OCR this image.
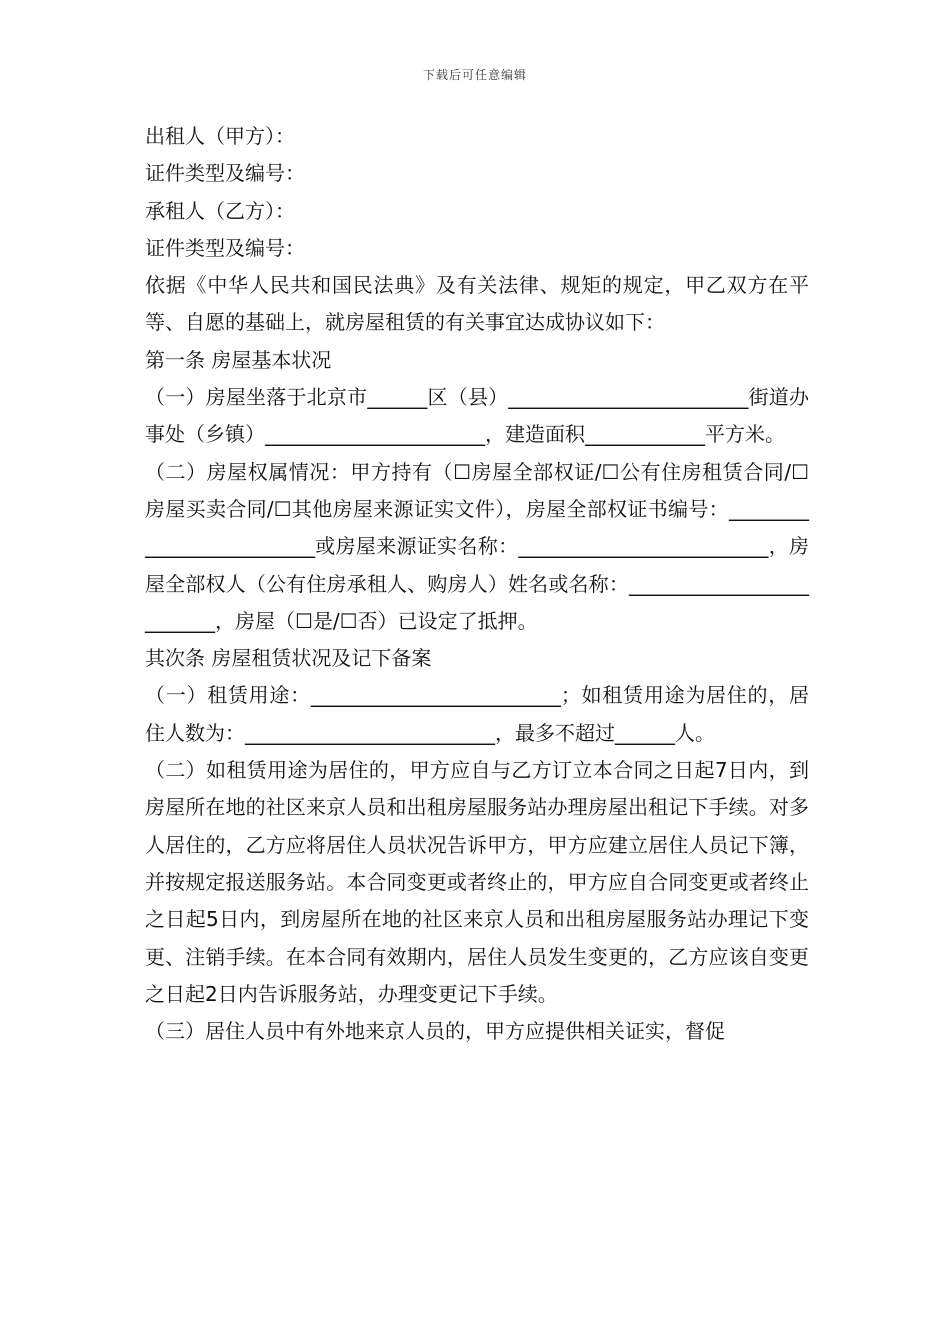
下载后可任意编辑

出租人（甲方）：

证件类型及编号：

承租人（乙方）：

证件类型及编号：

依据《中华人民共和国民法典》及有关法律、规矩的规定，甲乙双方在平等、自愿的基础上，就房屋租赁的有关事宜达成协议如下：

第一条 房屋基本状况

（一）房屋坐落于北京市______区（县）________________________街道办事处（乡镇）______________________，建造面积____________平方米。

（二）房屋权属情况：甲方持有（☐房屋全部权证/☐公有住房租赁合同/☐房屋买卖合同/☐其他房屋来源证实文件），房屋全部权证书编号：_________________________或房屋来源证实名称：_________________________，房屋全部权人（公有住房承租人、购房人）姓名或名称：_________________________，房屋（☐是/☐否）已设定了抵押。

其次条 房屋租赁状况及记下备案

（一）租赁用途：_________________________；如租赁用途为居住的，居住人数为：_________________________，最多不超过______人。

（二）如租赁用途为居住的，甲方应自与乙方订立本合同之日起7日内，到房屋所在地的社区来京人员和出租房屋服务站办理房屋出租记下手续。对多人居住的，乙方应将居住人员状况告诉甲方，甲方应建立居住人员记下簿，并按规定报送服务站。本合同变更或者终止的，甲方应自合同变更或者终止之日起5日内，到房屋所在地的社区来京人员和出租房屋服务站办理记下变更、注销手续。在本合同有效期内，居住人员发生变更的，乙方应该自变更之日起2日内告诉服务站，办理变更记下手续。

（三）居住人员中有外地来京人员的，甲方应提供相关证实，督促
